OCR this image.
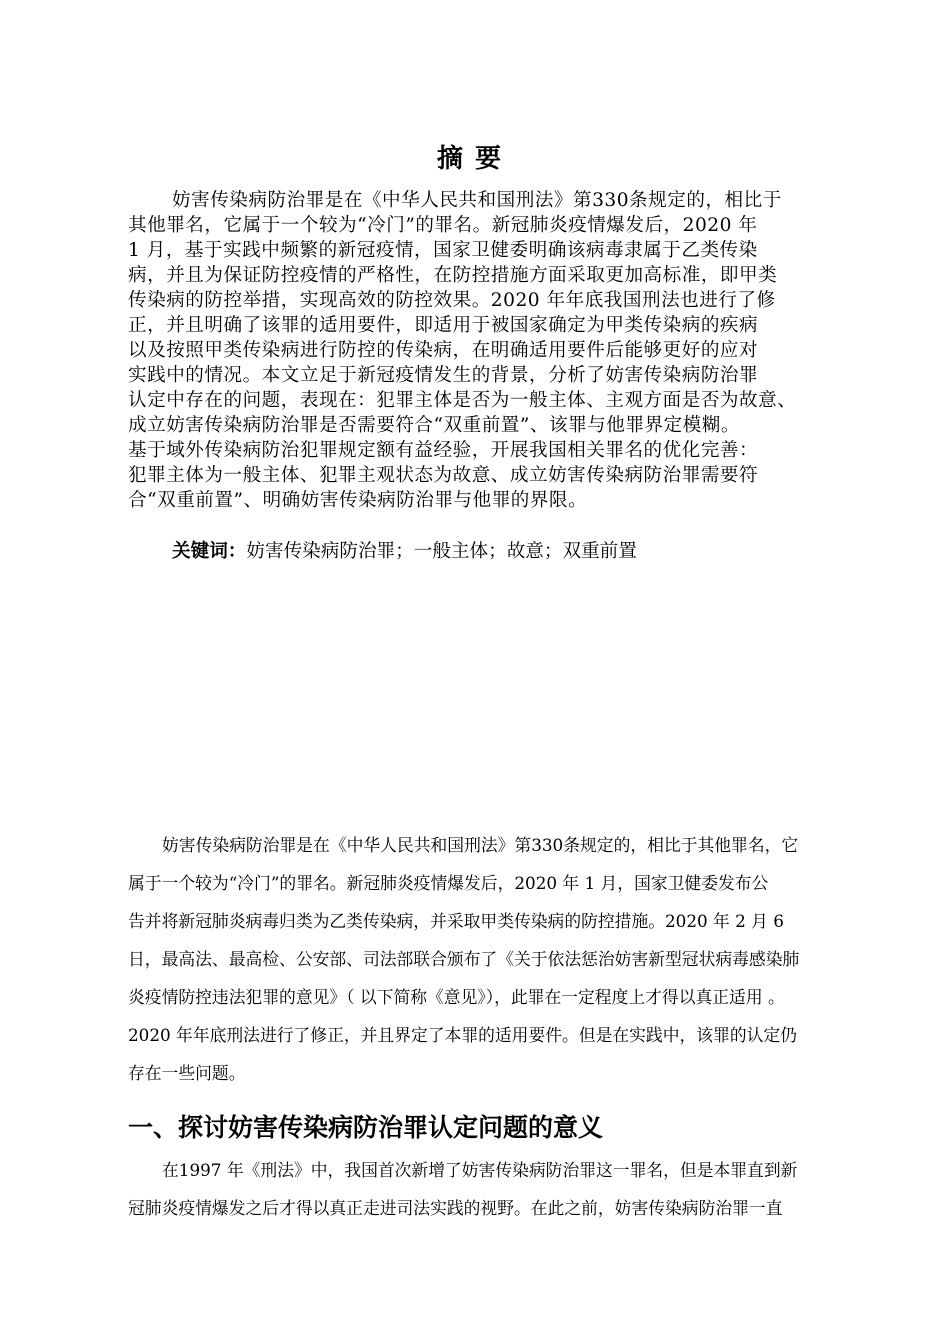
摘要
妨害传染病防治罪是在《中华人民共和国刑法》第330条规定的，相比于
其他罪名，它属于一个较为“冷门”的罪名。新冠肺炎疫情爆发后，2020 年
1 月，基于实践中频繁的新冠疫情，国家卫健委明确该病毒隶属于乙类传染
病，并且为保证防控疫情的严格性，在防控措施方面采取更加高标准，即甲类
传染病的防控举措，实现高效的防控效果。2020 年年底我国刑法也进行了修
正，并且明确了该罪的适用要件，即适用于被国家确定为甲类传染病的疾病
以及按照甲类传染病进行防控的传染病，在明确适用要件后能够更好的应对
实践中的情况。本文立足于新冠疫情发生的背景，分析了妨害传染病防治罪
认定中存在的问题，表现在：犯罪主体是否为一般主体、主观方面是否为故意、
成立妨害传染病防治罪是否需要符合“双重前置”、该罪与他罪界定模糊。
基于域外传染病防治犯罪规定额有益经验，开展我国相关罪名的优化完善：
犯罪主体为一般主体、犯罪主观状态为故意、成立妨害传染病防治罪需要符
合“双重前置”、明确妨害传染病防治罪与他罪的界限。
关键词：妨害传染病防治罪；一般主体；故意；双重前置
妨害传染病防治罪是在《中华人民共和国刑法》第330条规定的，相比于其他罪名，它
属于一个较为“冷门”的罪名。新冠肺炎疫情爆发后，2020 年 1 月，国家卫健委发布公
告并将新冠肺炎病毒归类为乙类传染病，并采取甲类传染病的防控措施。2020 年 2 月 6
日，最高法、最高检、公安部、司法部联合颁布了《关于依法惩治妨害新型冠状病毒感染肺
炎疫情防控违法犯罪的意见》（ 以下简称《意见》），此罪在一定程度上才得以真正适用 。
2020 年年底刑法进行了修正，并且界定了本罪的适用要件。但是在实践中，该罪的认定仍
存在一些问题。
一、探讨妨害传染病防治罪认定问题的意义
在1997 年《刑法》中，我国首次新增了妨害传染病防治罪这一罪名，但是本罪直到新
冠肺炎疫情爆发之后才得以真正走进司法实践的视野。在此之前，妨害传染病防治罪一直
